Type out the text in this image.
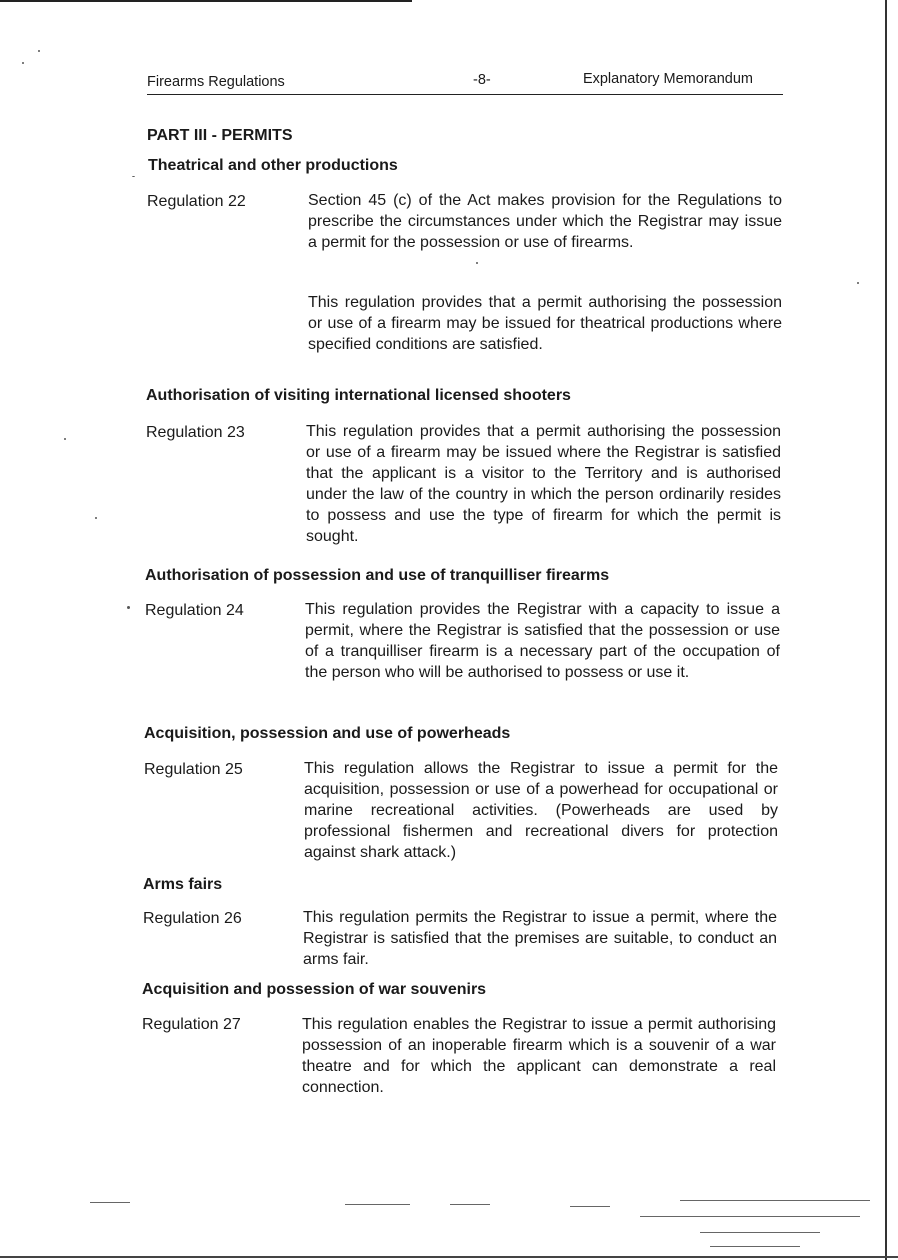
Firearms Regulations	-8-	Explanatory Memorandum
PART III - PERMITS
Theatrical and other productions
Regulation 22	Section 45 (c) of the Act makes provision for the Regulations to prescribe the circumstances under which the Registrar may issue a permit for the possession or use of firearms.

This regulation provides that a permit authorising the possession or use of a firearm may be issued for theatrical productions where specified conditions are satisfied.

Authorisation of visiting international licensed shooters
Regulation 23	This regulation provides that a permit authorising the possession or use of a firearm may be issued where the Registrar is satisfied that the applicant is a visitor to the Territory and is authorised under the law of the country in which the person ordinarily resides to possess and use the type of firearm for which the permit is sought.

Authorisation of possession and use of tranquilliser firearms
Regulation 24	This regulation provides the Registrar with a capacity to issue a permit, where the Registrar is satisfied that the possession or use of a tranquilliser firearm is a necessary part of the occupation of the person who will be authorised to possess or use it.

Acquisition, possession and use of powerheads
Regulation 25	This regulation allows the Registrar to issue a permit for the acquisition, possession or use of a powerhead for occupational or marine recreational activities. (Powerheads are used by professional fishermen and recreational divers for protection against shark attack.)

Arms fairs
Regulation 26	This regulation permits the Registrar to issue a permit, where the Registrar is satisfied that the premises are suitable, to conduct an arms fair.

Acquisition and possession of war souvenirs
Regulation 27	This regulation enables the Registrar to issue a permit authorising possession of an inoperable firearm which is a souvenir of a war theatre and for which the applicant can demonstrate a real connection.
